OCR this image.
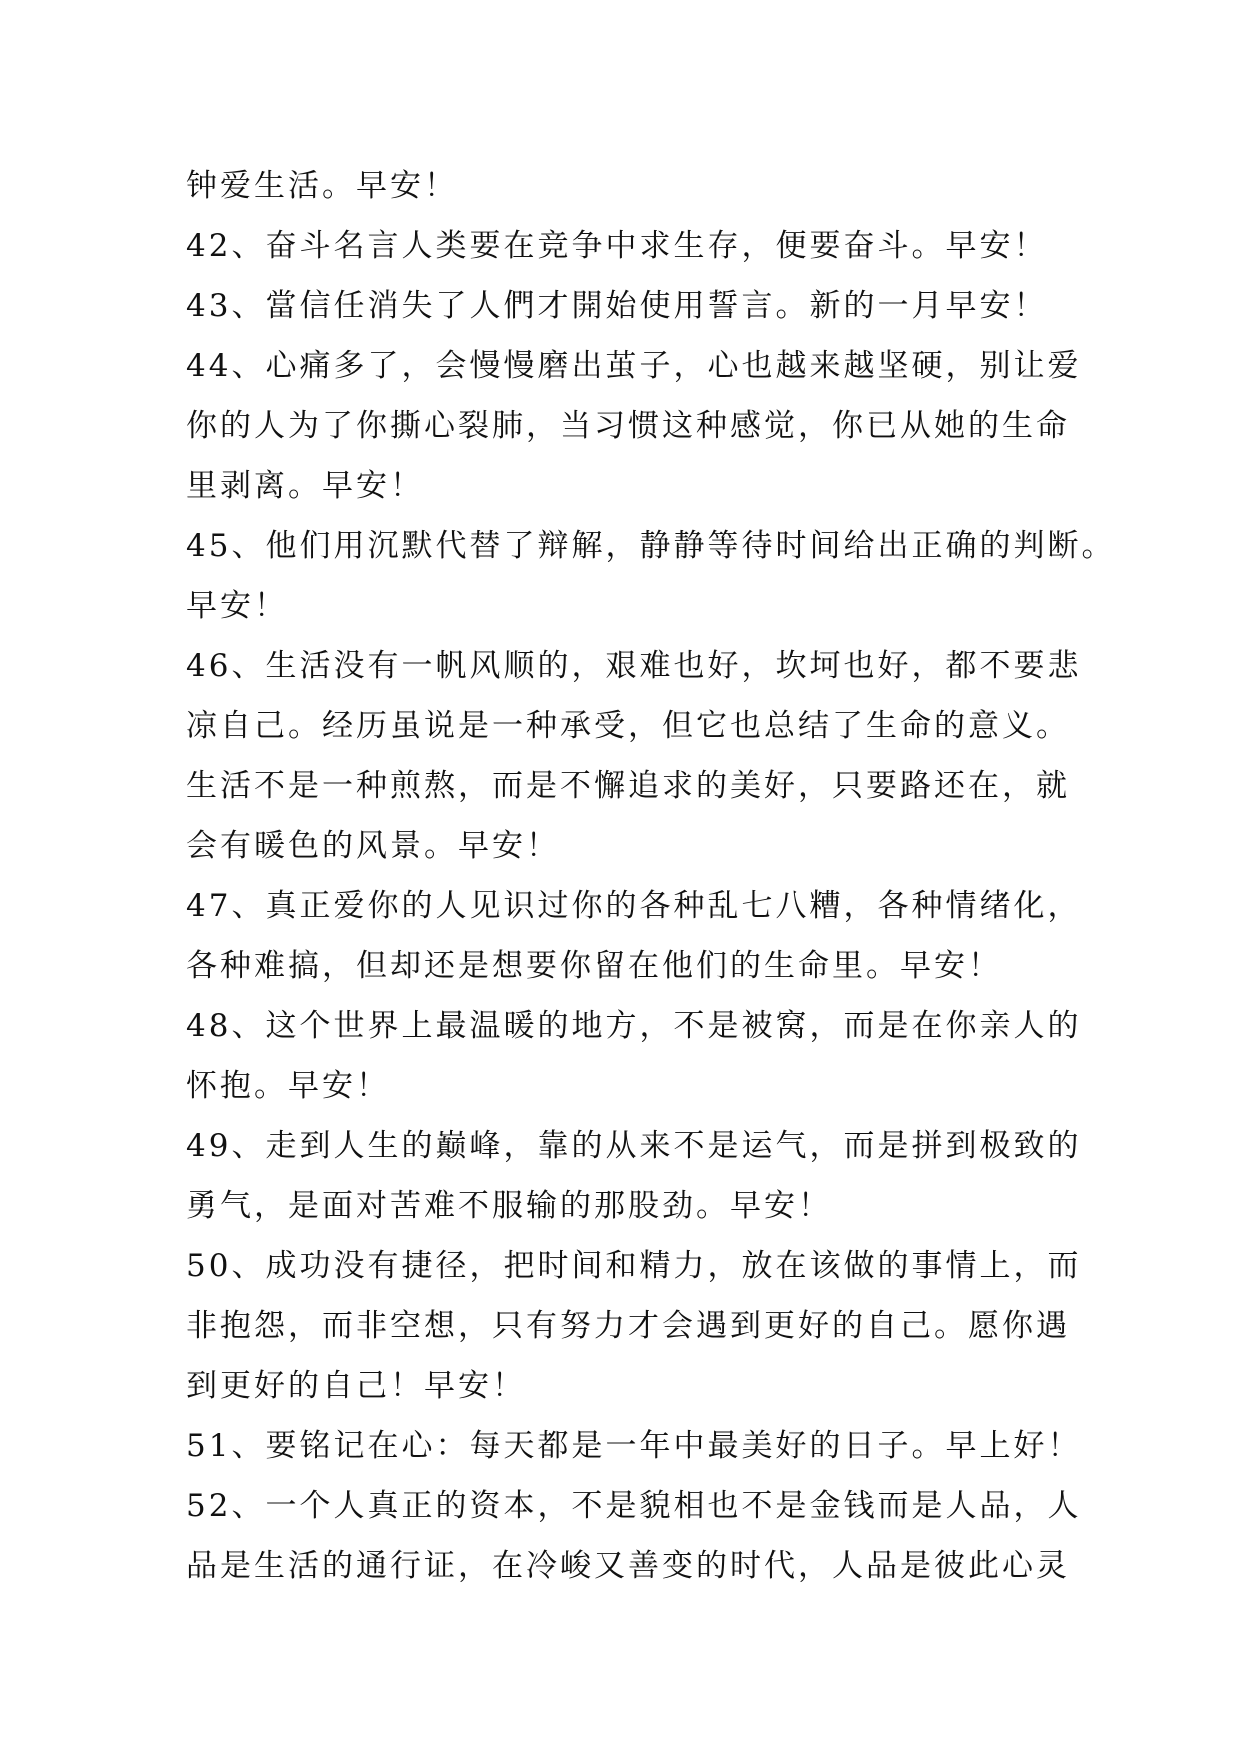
钟爱生活。早安！
42、奋斗名言人类要在竞争中求生存，便要奋斗。早安！
43、當信任消失了人們才開始使用誓言。新的一月早安！
44、心痛多了，会慢慢磨出茧子，心也越来越坚硬，别让爱
你的人为了你撕心裂肺，当习惯这种感觉，你已从她的生命
里剥离。早安！
45、他们用沉默代替了辩解，静静等待时间给出正确的判断。
早安！
46、生活没有一帆风顺的，艰难也好，坎坷也好，都不要悲
凉自己。经历虽说是一种承受，但它也总结了生命的意义。
生活不是一种煎熬，而是不懈追求的美好，只要路还在，就
会有暖色的风景。早安！
47、真正爱你的人见识过你的各种乱七八糟，各种情绪化，
各种难搞，但却还是想要你留在他们的生命里。早安！
48、这个世界上最温暖的地方，不是被窝，而是在你亲人的
怀抱。早安！
49、走到人生的巅峰，靠的从来不是运气，而是拼到极致的
勇气，是面对苦难不服输的那股劲。早安！
50、成功没有捷径，把时间和精力，放在该做的事情上，而
非抱怨，而非空想，只有努力才会遇到更好的自己。愿你遇
到更好的自己！早安！
51、要铭记在心：每天都是一年中最美好的日子。早上好！
52、一个人真正的资本，不是貌相也不是金钱而是人品，人
品是生活的通行证，在冷峻又善变的时代，人品是彼此心灵
